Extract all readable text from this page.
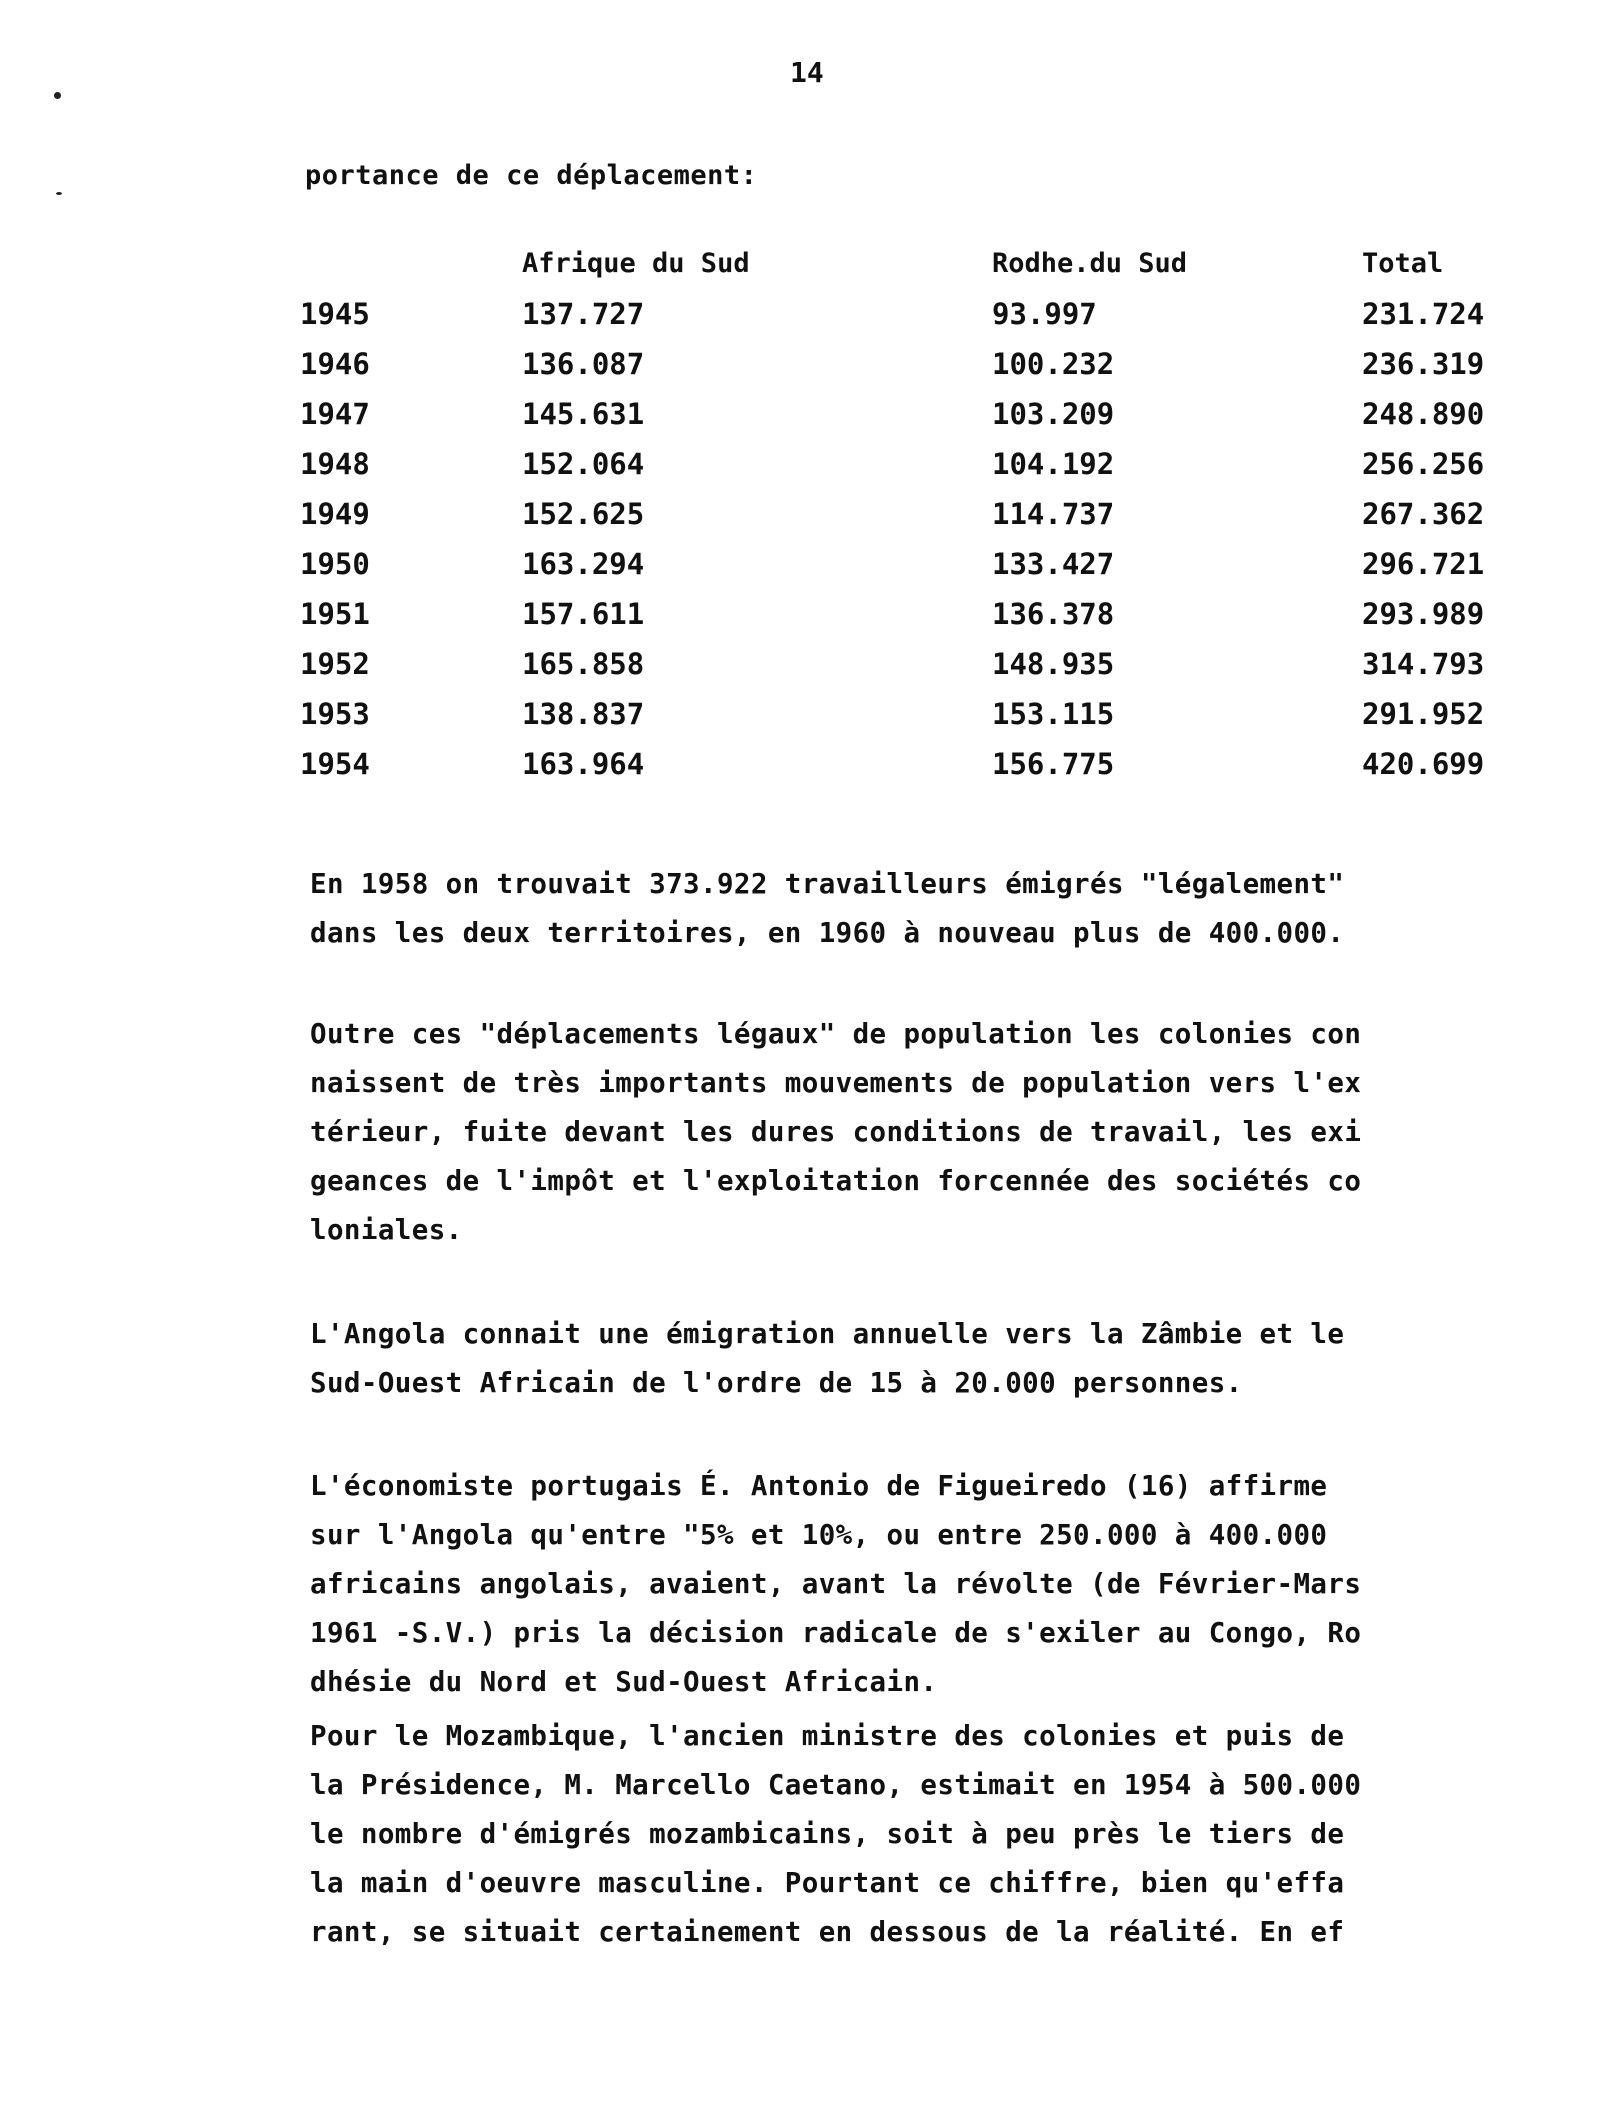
14
portance de ce déplacement:
	Afrique du Sud	Rodhe.du Sud	Total
1945	137.727	93.997	231.724
1946	136.087	100.232	236.319
1947	145.631	103.209	248.890
1948	152.064	104.192	256.256
1949	152.625	114.737	267.362
1950	163.294	133.427	296.721
1951	157.611	136.378	293.989
1952	165.858	148.935	314.793
1953	138.837	153.115	291.952
1954	163.964	156.775	420.699
En 1958 on trouvait 373.922 travailleurs émigrés "légalement"
dans les deux territoires, en 1960 à nouveau plus de 400.000.
Outre ces "déplacements légaux" de population les colonies con
naissent de très importants mouvements de population vers l'ex
térieur, fuite devant les dures conditions de travail, les exi
geances de l'impôt et l'exploitation forcennée des sociétés co
loniales.
L'Angola connait une émigration annuelle vers la Zâmbie et le
Sud-Ouest Africain de l'ordre de 15 à 20.000 personnes.
L'économiste portugais É. Antonio de Figueiredo (16) affirme
sur l'Angola qu'entre "5% et 10%, ou entre 250.000 à 400.000
africains angolais, avaient, avant la révolte (de Février-Mars
1961 -S.V.) pris la décision radicale de s'exiler au Congo, Ro
dhésie du Nord et Sud-Ouest Africain.
Pour le Mozambique, l'ancien ministre des colonies et puis de
la Présidence, M. Marcello Caetano, estimait en 1954 à 500.000
le nombre d'émigrés mozambicains, soit à peu près le tiers de
la main d'oeuvre masculine. Pourtant ce chiffre, bien qu'effa
rant, se situait certainement en dessous de la réalité. En ef
